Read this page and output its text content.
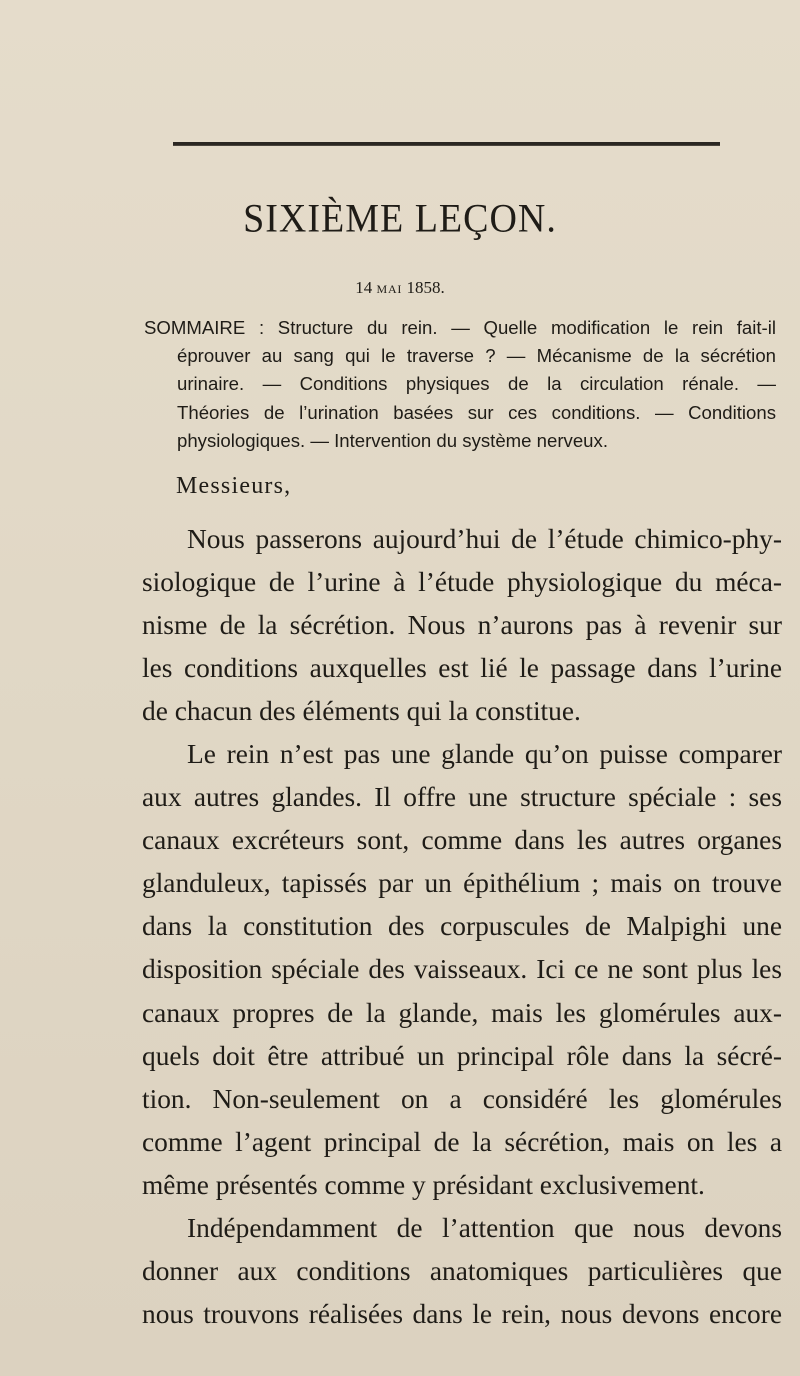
SIXIÈME LEÇON.
14 MAI 1858.
SOMMAIRE : Structure du rein. — Quelle modification le rein fait-il
éprouver au sang qui le traverse ? — Mécanisme de la sécrétion
urinaire. — Conditions physiques de la circulation rénale. —
Théories de l’urination basées sur ces conditions. — Conditions
physiologiques. — Intervention du système nerveux.

Messieurs,

Nous passerons aujourd’hui de l’étude chimico-phy-
siologique de l’urine à l’étude physiologique du méca-
nisme de la sécrétion. Nous n’aurons pas à revenir sur
les conditions auxquelles est lié le passage dans l’urine
de chacun des éléments qui la constitue.
Le rein n’est pas une glande qu’on puisse comparer
aux autres glandes. Il offre une structure spéciale : ses
canaux excréteurs sont, comme dans les autres organes
glanduleux, tapissés par un épithélium ; mais on trouve
dans la constitution des corpuscules de Malpighi une
disposition spéciale des vaisseaux. Ici ce ne sont plus les
canaux propres de la glande, mais les glomérules aux-
quels doit être attribué un principal rôle dans la sécré-
tion. Non-seulement on a considéré les glomérules
comme l’agent principal de la sécrétion, mais on les a
même présentés comme y présidant exclusivement.
Indépendamment de l’attention que nous devons
donner aux conditions anatomiques particulières que
nous trouvons réalisées dans le rein, nous devons encore
